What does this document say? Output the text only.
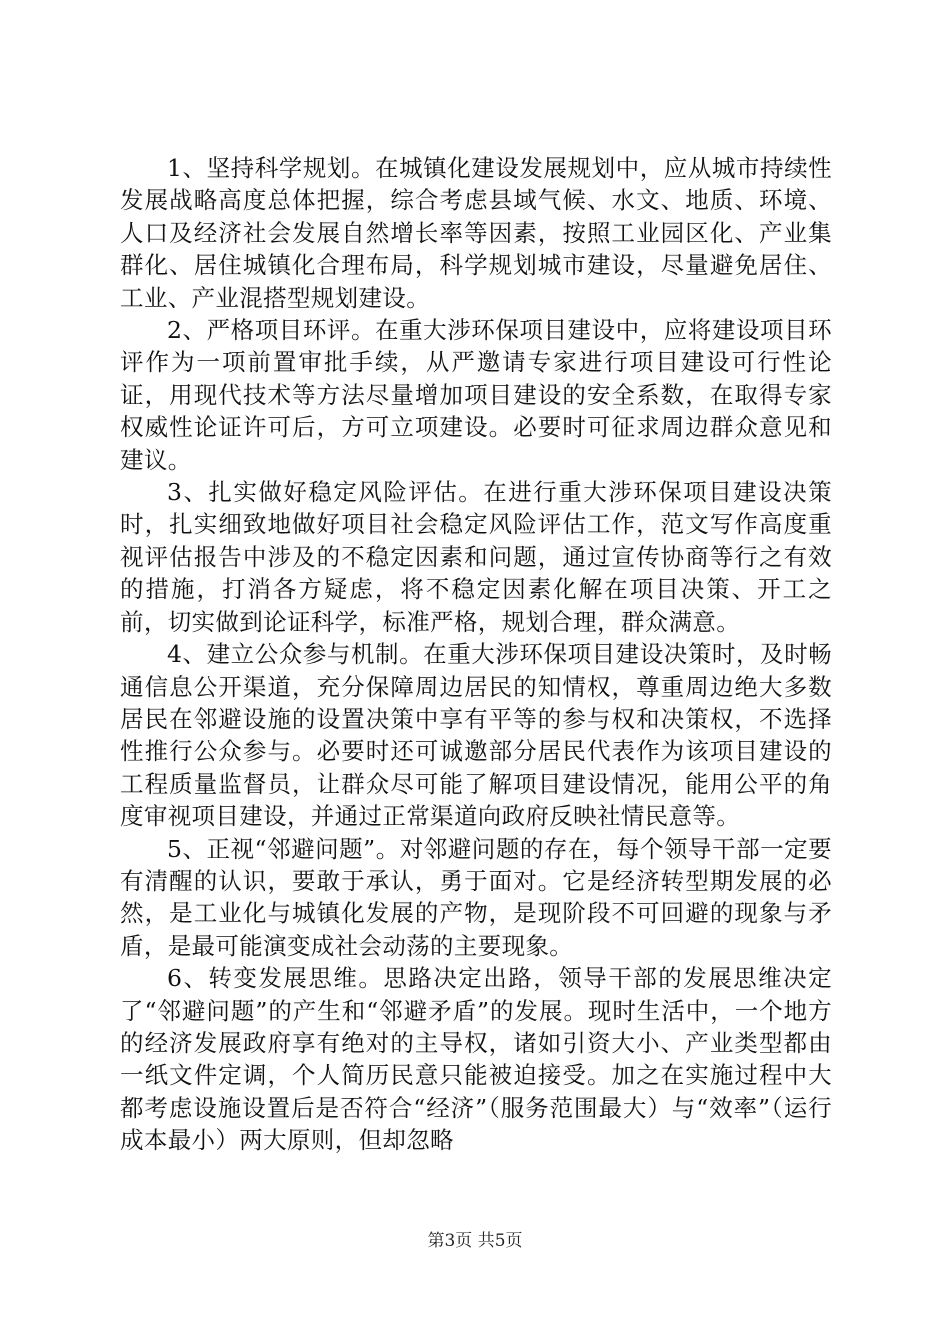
1、坚持科学规划。在城镇化建设发展规划中，应从城市持续性发展战略高度总体把握，综合考虑县域气候、水文、地质、环境、人口及经济社会发展自然增长率等因素，按照工业园区化、产业集群化、居住城镇化合理布局，科学规划城市建设，尽量避免居住、工业、产业混搭型规划建设。

2、严格项目环评。在重大涉环保项目建设中，应将建设项目环评作为一项前置审批手续，从严邀请专家进行项目建设可行性论证，用现代技术等方法尽量增加项目建设的安全系数，在取得专家权威性论证许可后，方可立项建设。必要时可征求周边群众意见和建议。

3、扎实做好稳定风险评估。在进行重大涉环保项目建设决策时，扎实细致地做好项目社会稳定风险评估工作，范文写作高度重视评估报告中涉及的不稳定因素和问题，通过宣传协商等行之有效的措施，打消各方疑虑，将不稳定因素化解在项目决策、开工之前，切实做到论证科学，标准严格，规划合理，群众满意。

4、建立公众参与机制。在重大涉环保项目建设决策时，及时畅通信息公开渠道，充分保障周边居民的知情权，尊重周边绝大多数居民在邻避设施的设置决策中享有平等的参与权和决策权，不选择性推行公众参与。必要时还可诚邀部分居民代表作为该项目建设的工程质量监督员，让群众尽可能了解项目建设情况，能用公平的角度审视项目建设，并通过正常渠道向政府反映社情民意等。

5、正视“邻避问题”。对邻避问题的存在，每个领导干部一定要有清醒的认识，要敢于承认，勇于面对。它是经济转型期发展的必然，是工业化与城镇化发展的产物，是现阶段不可回避的现象与矛盾，是最可能演变成社会动荡的主要现象。

6、转变发展思维。思路决定出路，领导干部的发展思维决定了“邻避问题”的产生和“邻避矛盾”的发展。现时生活中，一个地方的经济发展政府享有绝对的主导权，诸如引资大小、产业类型都由一纸文件定调，个人简历民意只能被迫接受。加之在实施过程中大都考虑设施设置后是否符合“经济”（服务范围最大）与“效率”（运行成本最小）两大原则，但却忽略

第3页 共5页
